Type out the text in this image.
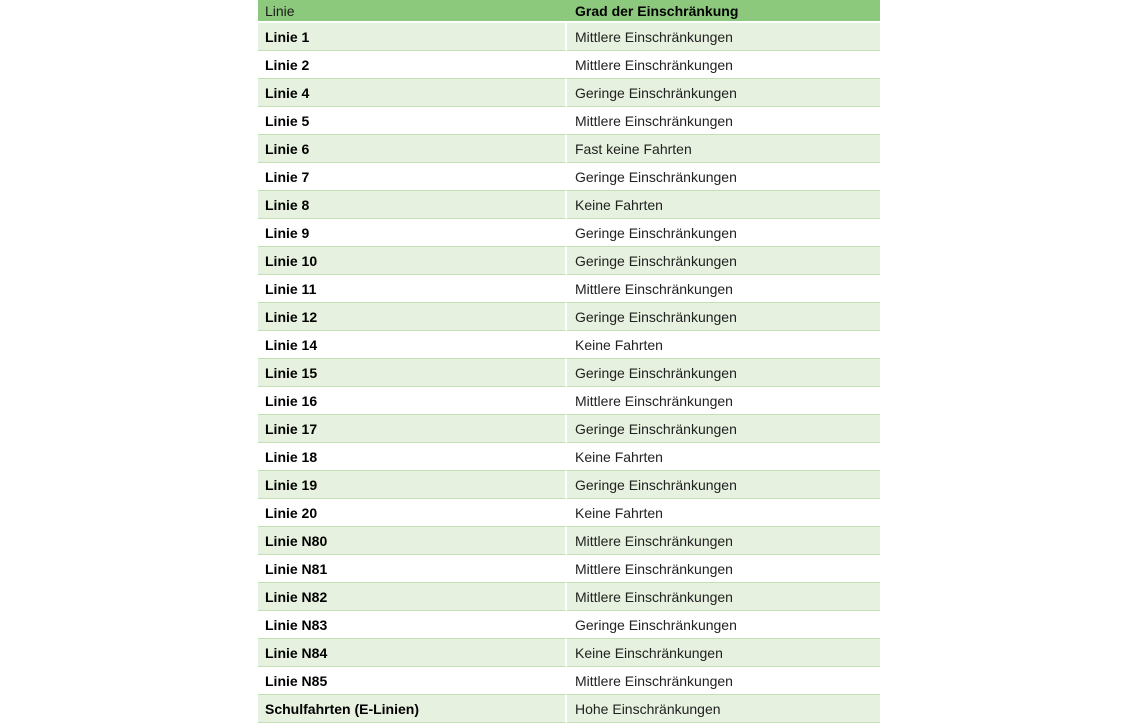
Linie	Grad der Einschränkung
Linie 1	Mittlere Einschränkungen
Linie 2	Mittlere Einschränkungen
Linie 4	Geringe Einschränkungen
Linie 5	Mittlere Einschränkungen
Linie 6	Fast keine Fahrten
Linie 7	Geringe Einschränkungen
Linie 8	Keine Fahrten
Linie 9	Geringe Einschränkungen
Linie 10	Geringe Einschränkungen
Linie 11	Mittlere Einschränkungen
Linie 12	Geringe Einschränkungen
Linie 14	Keine Fahrten
Linie 15	Geringe Einschränkungen
Linie 16	Mittlere Einschränkungen
Linie 17	Geringe Einschränkungen
Linie 18	Keine Fahrten
Linie 19	Geringe Einschränkungen
Linie 20	Keine Fahrten
Linie N80	Mittlere Einschränkungen
Linie N81	Mittlere Einschränkungen
Linie N82	Mittlere Einschränkungen
Linie N83	Geringe Einschränkungen
Linie N84	Keine Einschränkungen
Linie N85	Mittlere Einschränkungen
Schulfahrten (E-Linien)	Hohe Einschränkungen
